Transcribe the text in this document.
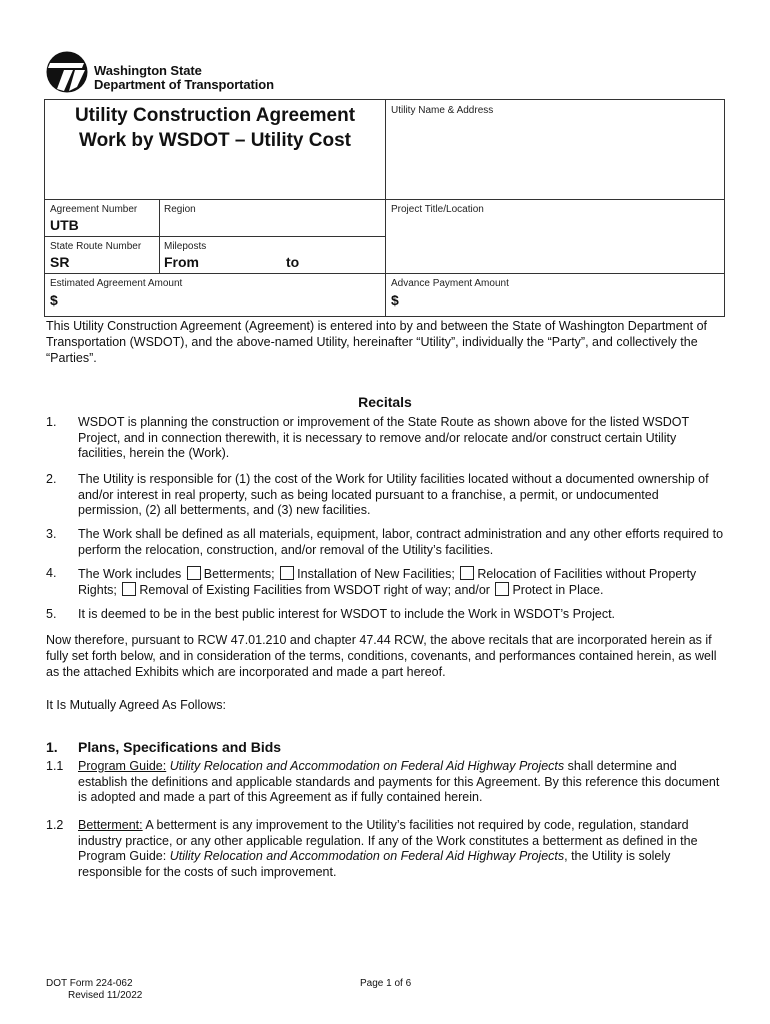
Washington State
Department of Transportation
Utility Construction Agreement
Work by WSDOT – Utility Cost
Utility Name & Address
Agreement Number
UTB
Region	Project Title/Location
State Route Number
SR
Mileposts
From	to
Estimated Agreement Amount
$
Advance Payment Amount
$
This Utility Construction Agreement (Agreement) is entered into by and between the State of Washington Department of Transportation (WSDOT), and the above-named Utility, hereinafter “Utility”, individually the “Party”, and collectively the “Parties”.
Recitals
1. WSDOT is planning the construction or improvement of the State Route as shown above for the listed WSDOT Project, and in connection therewith, it is necessary to remove and/or relocate and/or construct certain Utility facilities, herein the (Work).
2. The Utility is responsible for (1) the cost of the Work for Utility facilities located without a documented ownership of and/or interest in real property, such as being located pursuant to a franchise, a permit, or undocumented permission, (2) all betterments, and (3) new facilities.
3. The Work shall be defined as all materials, equipment, labor, contract administration and any other efforts required to perform the relocation, construction, and/or removal of the Utility’s facilities.
4. The Work includes Betterments; Installation of New Facilities; Relocation of Facilities without Property Rights; Removal of Existing Facilities from WSDOT right of way; and/or Protect in Place.
5. It is deemed to be in the best public interest for WSDOT to include the Work in WSDOT’s Project.
Now therefore, pursuant to RCW 47.01.210 and chapter 47.44 RCW, the above recitals that are incorporated herein as if fully set forth below, and in consideration of the terms, conditions, covenants, and performances contained herein, as well as the attached Exhibits which are incorporated and made a part hereof.
It Is Mutually Agreed As Follows:
1. Plans, Specifications and Bids
1.1 Program Guide: Utility Relocation and Accommodation on Federal Aid Highway Projects shall determine and establish the definitions and applicable standards and payments for this Agreement. By this reference this document is adopted and made a part of this Agreement as if fully contained herein.
1.2 Betterment: A betterment is any improvement to the Utility’s facilities not required by code, regulation, standard industry practice, or any other applicable regulation. If any of the Work constitutes a betterment as defined in the Program Guide: Utility Relocation and Accommodation on Federal Aid Highway Projects, the Utility is solely responsible for the costs of such improvement.
DOT Form 224-062
Revised 11/2022
Page 1 of 6
